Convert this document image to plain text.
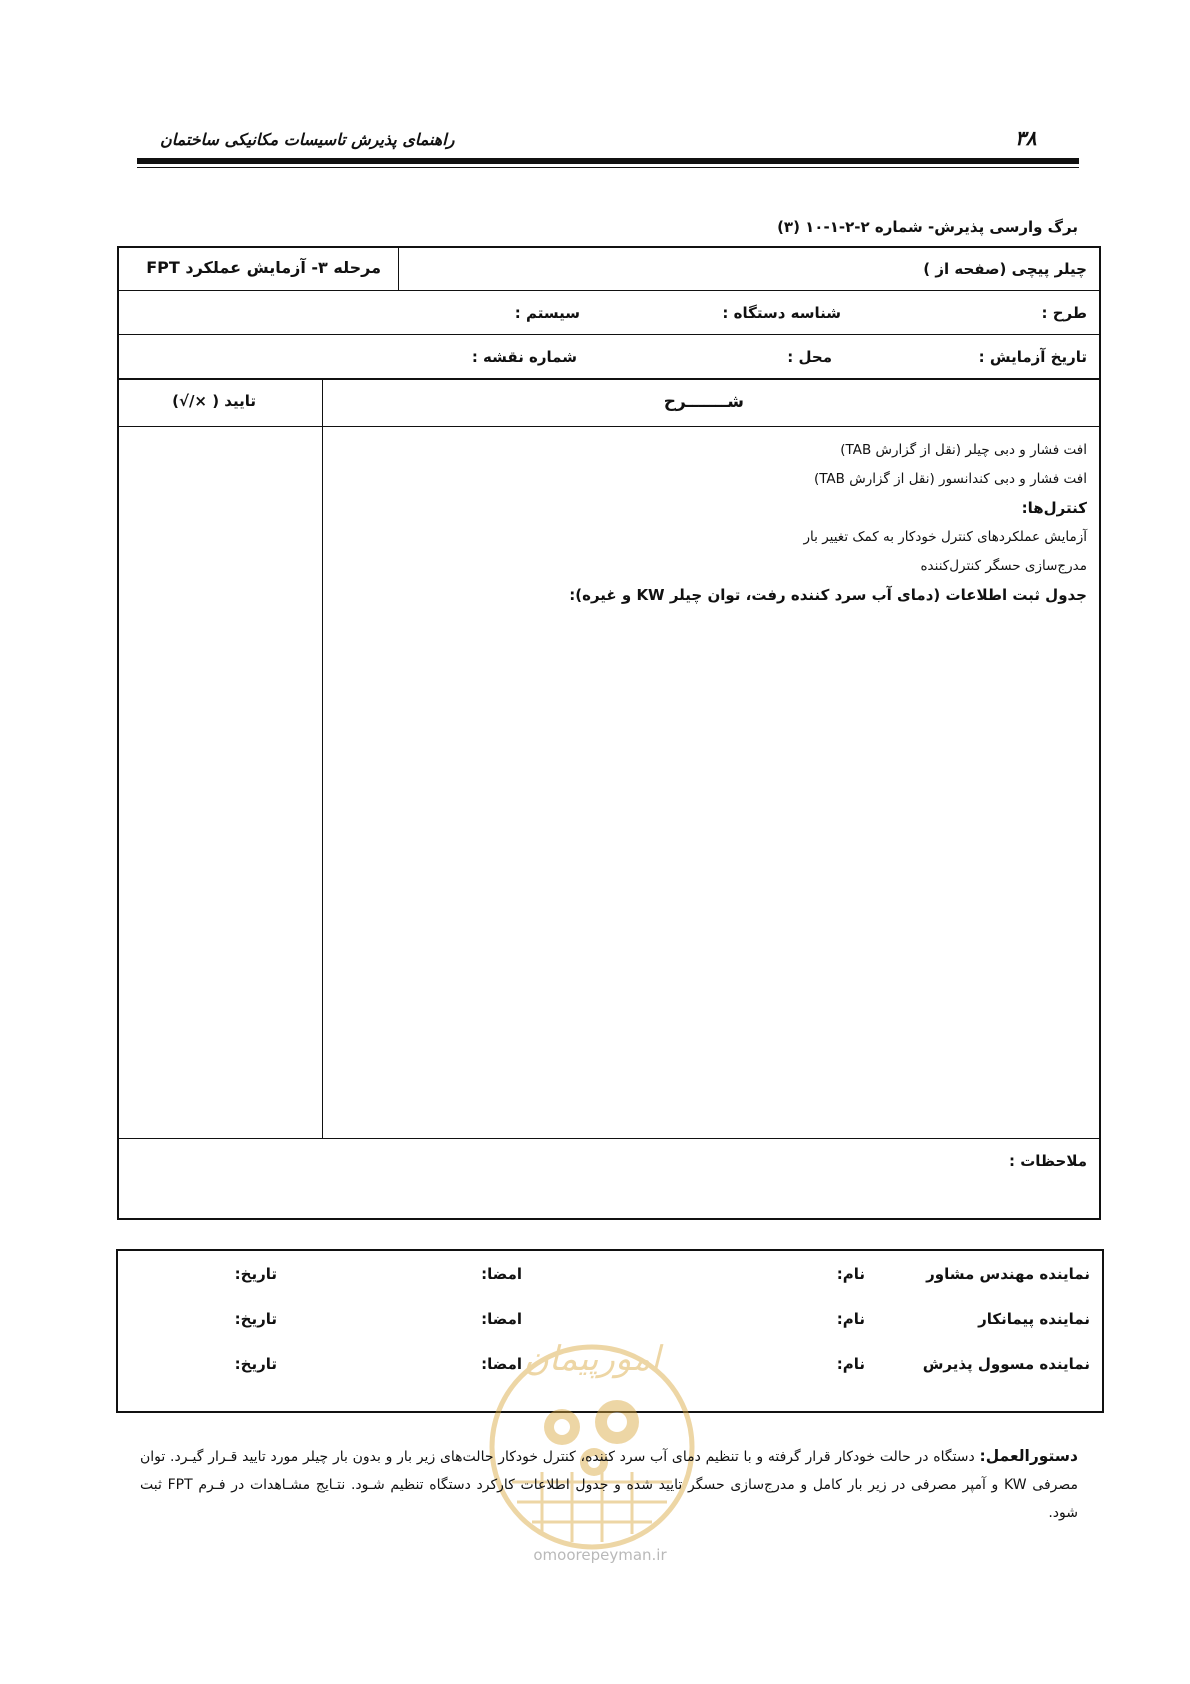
۳۸
راهنمای پذیرش تاسیسات مکانیکی ساختمان
برگ وارسی پذیرش- شماره ۲-۲-۱-۱۰ (۳)
چیلر پیچی (صفحه از )
مرحله ۳- آزمایش عملکرد FPT
طرح :
شناسه دستگاه :
سیستم :
تاریخ آزمایش :
محل :
شماره نقشه :
شـــــــرح
تایید ( ×/√)
افت فشار و دبی چیلر (نقل از گزارش TAB)
افت فشار و دبی کندانسور (نقل از گزارش TAB)
کنترل‌ها:
آزمایش عملکردهای کنترل خودکار به کمک تغییر بار
مدرج‌سازی حسگر کنترل‌کننده
جدول ثبت اطلاعات (دمای آب سرد کننده رفت، توان چیلر KW و غیره):
ملاحظات :
نماینده مهندس مشاور
نام:
امضا:
تاریخ:
نماینده پیمانکار
نام:
امضا:
تاریخ:
نماینده مسوول پذیرش
نام:
امضا:
تاریخ:	امورپیمان
دستورالعمل: دستگاه در حالت خودکار قرار گرفته و با تنظیم دمای آب سرد کننده، کنترل خودکار حالت‌های زیر بار و بدون بار چیلر مورد تایید قـرار گیـرد. توان مصرفی KW و آمپر مصرفی در زیر بار کامل و مدرج‌سازی حسگر تایید شده و جدول اطلاعات کارکرد دستگاه تنظیم شـود. نتـایج مشـاهدات در فـرم FPT ثبت شود.
omoorepeyman.ir
